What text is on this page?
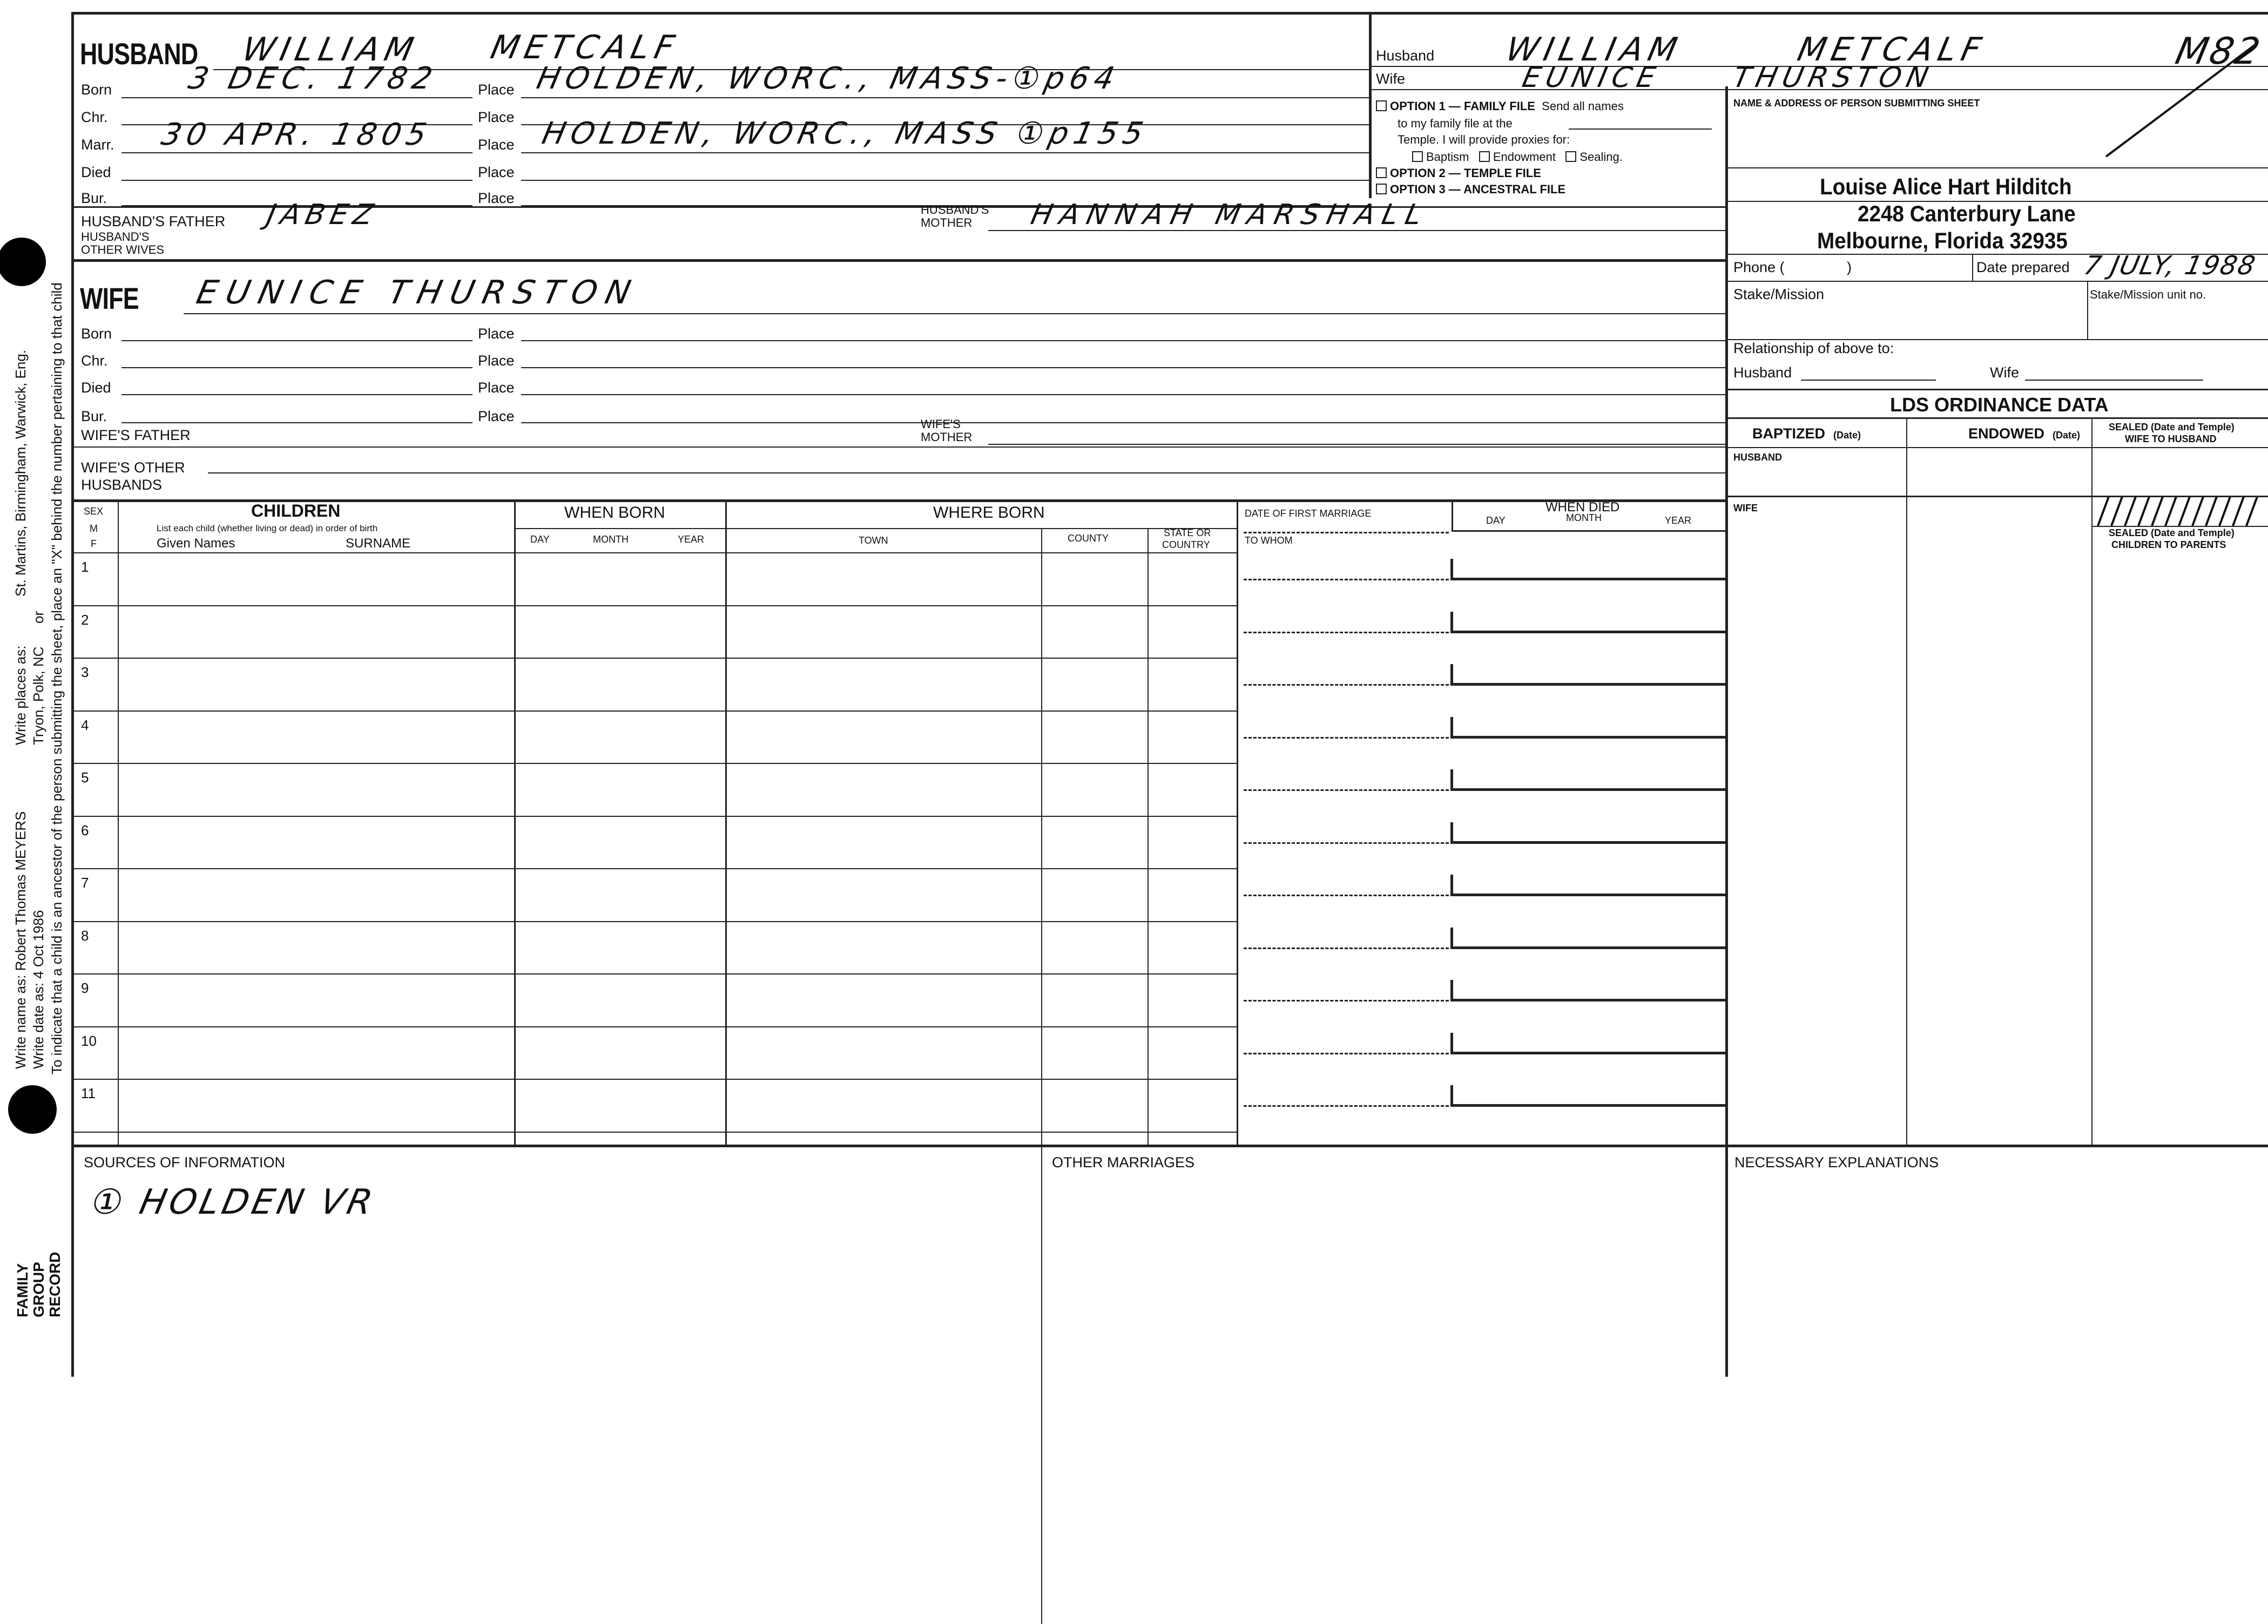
Write name as: Robert Thomas MEYERS Write date as: 4 Oct 1986 To indicate that a child is an ancestor of the person submitting the sheet, place an "X" behind the number pertaining to that child
Write places as: Tryon, Polk, NC
or
St. Martins, Birmingham, Warwick, Eng.
FAMILY GROUP RECORD
HUSBAND WILLIAM METCALF
Born 3 DEC. 1782	Place HOLDEN, WORC., MASS-①p64
Chr.	Place
Marr. 30 APR. 1805	Place HOLDEN, WORC., MASS ①p155
Died	Place
Bur.	Place
HUSBAND'S FATHER JABEZ	HUSBAND'S
MOTHER HANNAH MARSHALL
HUSBAND'S
OTHER WIVES
Husband WILLIAM	METCALF
Wife	EUNICE THURSTON
M82
OPTION 1 — FAMILY FILE Send all names
to my family file at the
Temple. I will provide proxies for:
Baptism Endowment Sealing.
OPTION 2 — TEMPLE FILE
OPTION 3 — ANCESTRAL FILE
NAME & ADDRESS OF PERSON SUBMITTING SHEET
Louise Alice Hart Hilditch
2248 Canterbury Lane
Melbourne, Florida 32935
Phone (	)	Date prepared 7 JULY, 1988
Stake/Mission	Stake/Mission unit no.
Relationship of above to:
Husband	Wife
LDS ORDINANCE DATA
BAPTIZED (Date)	ENDOWED (Date)
SEALED (Date and Temple)
WIFE TO HUSBAND
HUSBAND
WIFE
SEALED (Date and Temple)
CHILDREN TO PARENTS
WIFE EUNICE THURSTON
Born	Place
Chr.	Place
Died	Place
Bur.	Place
WIFE'S FATHER
WIFE'S
MOTHER
WIFE'S OTHER
HUSBANDS
SEX
M
F
CHILDREN
List each child (whether living or dead) in order of birth
Given Names	SURNAME
WHEN BORN
DAY	MONTH	YEAR
WHERE BORN
TOWN	COUNTY	STATE OR
COUNTRY
DATE OF FIRST MARRIAGE
TO WHOM
DAY
WHEN DIED
MONTH	YEAR
1
2
3
4
5
6
7
8
9
10
11
SOURCES OF INFORMATION
① HOLDEN VR
OTHER MARRIAGES	NECESSARY EXPLANATIONS
